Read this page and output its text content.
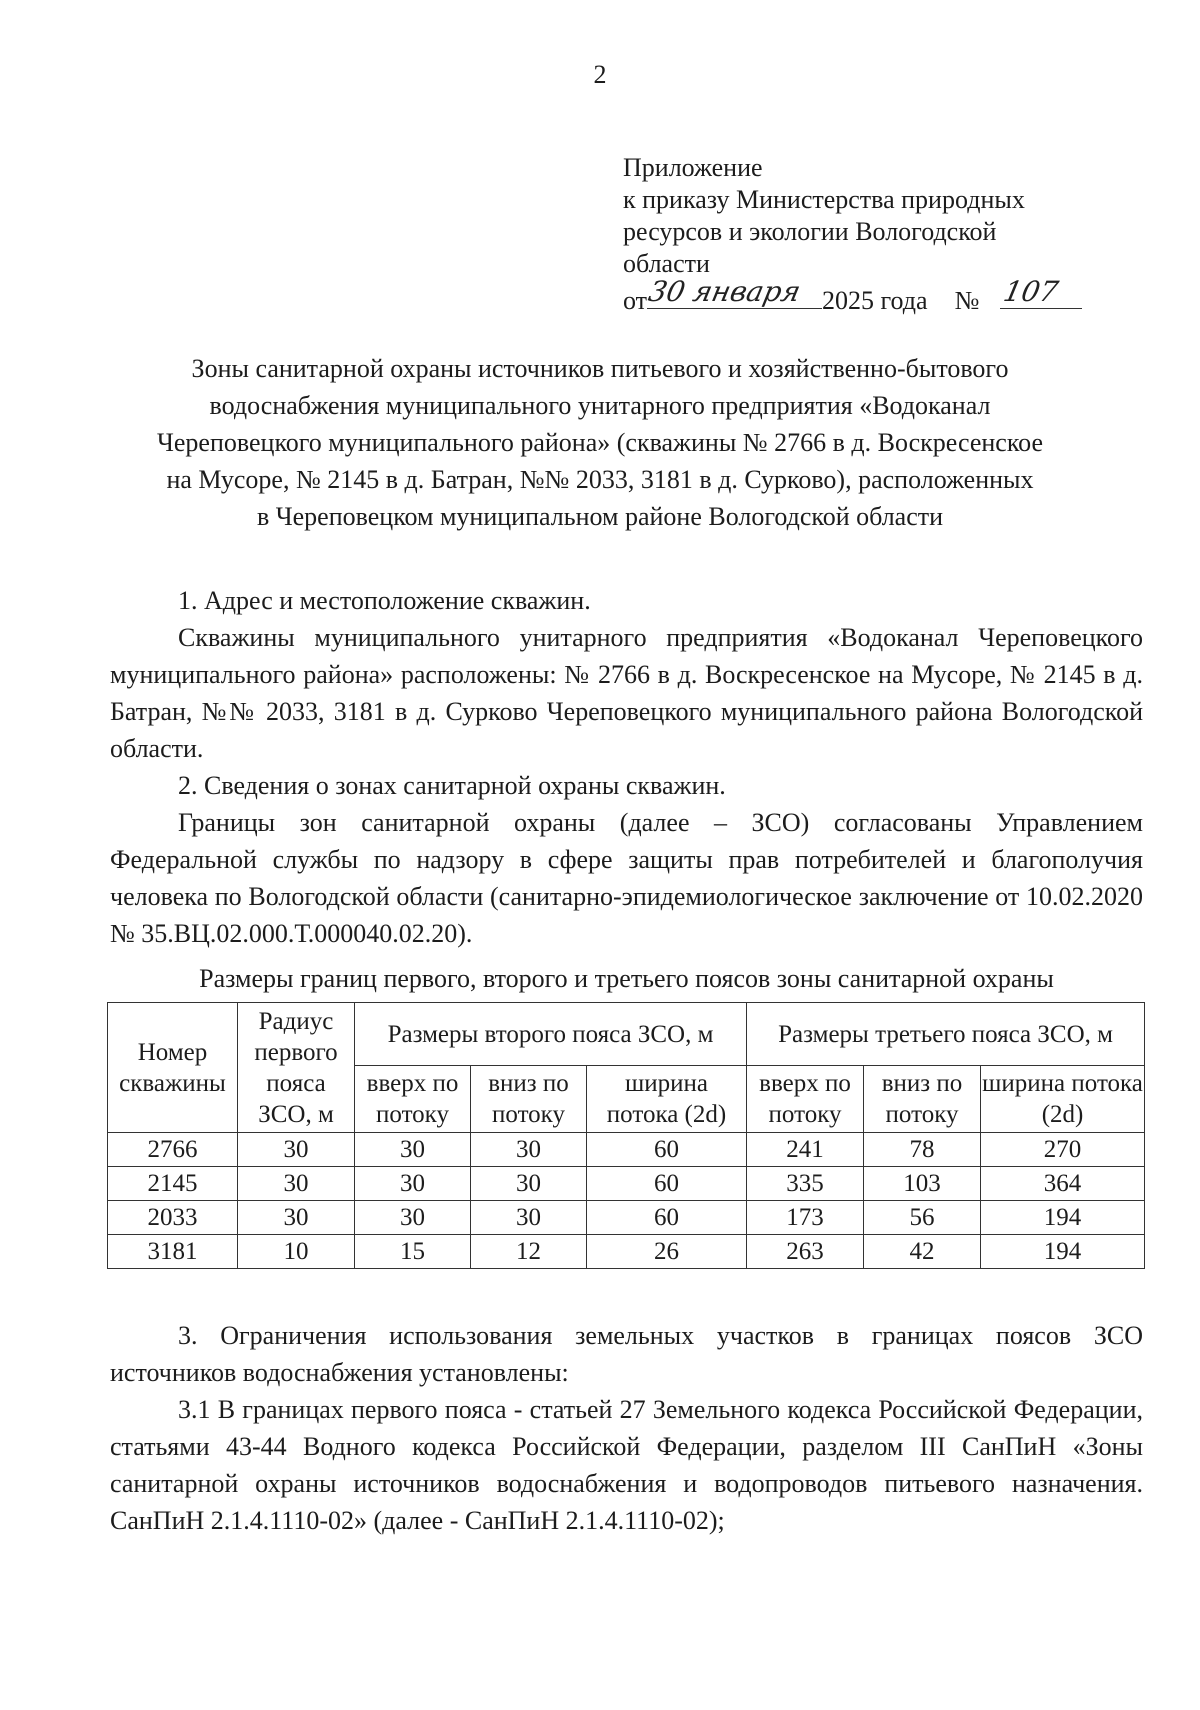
2
Приложение
к приказу Министерства природных
ресурсов и экологии Вологодской
области
от
30 января 2025 года № 107
Зоны санитарной охраны источников питьевого и хозяйственно-бытового
водоснабжения муниципального унитарного предприятия «Водоканал
Череповецкого муниципального района» (скважины № 2766 в д. Воскресенское
на Мусоре, № 2145 в д. Батран, №№ 2033, 3181 в д. Сурково), расположенных
в Череповецком муниципальном районе Вологодской области
1. Адрес и местоположение скважин.
Скважины муниципального унитарного предприятия «Водоканал Череповецкого муниципального района» расположены: № 2766 в д. Воскресенское на Мусоре, № 2145 в д. Батран, №№ 2033, 3181 в д. Сурково Череповецкого муниципального района Вологодской области.
2. Сведения о зонах санитарной охраны скважин.
Границы зон санитарной охраны (далее – ЗСО) согласованы Управлением Федеральной службы по надзору в сфере защиты прав потребителей и благополучия человека по Вологодской области (санитарно-эпидемиологическое заключение от 10.02.2020 № 35.ВЦ.02.000.Т.000040.02.20).
Размеры границ первого, второго и третьего поясов зоны санитарной охраны
Номер скважины	Радиус первого пояса ЗСО, м	Размеры второго пояса ЗСО, м			Размеры третьего пояса ЗСО, м		
		вверх по потоку	вниз по потоку	ширина потока (2d)	вверх по потоку	вниз по потоку	ширина потока (2d)
2766	30	30	30	60	241	78	270
2145	30	30	30	60	335	103	364
2033	30	30	30	60	173	56	194
3181	10	15	12	26	263	42	194
3. Ограничения использования земельных участков в границах поясов ЗСО источников водоснабжения установлены:
3.1 В границах первого пояса - статьей 27 Земельного кодекса Российской Федерации, статьями 43-44 Водного кодекса Российской Федерации, разделом III СанПиН «Зоны санитарной охраны источников водоснабжения и водопроводов питьевого назначения. СанПиН 2.1.4.1110-02» (далее - СанПиН 2.1.4.1110-02);
